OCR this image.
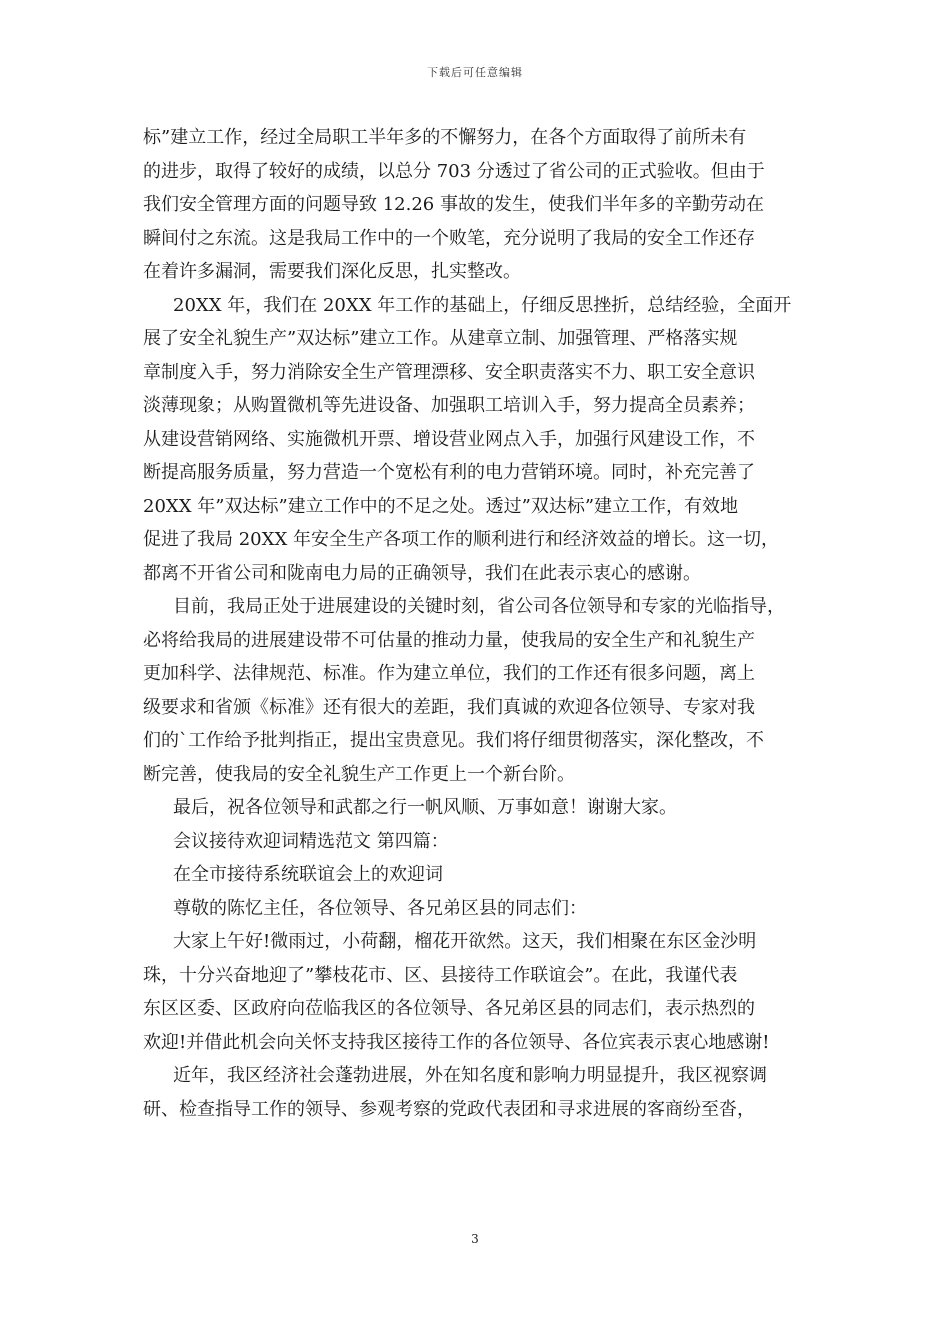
下载后可任意编辑
标”建立工作，经过全局职工半年多的不懈努力，在各个方面取得了前所未有
的进步，取得了较好的成绩，以总分 703 分透过了省公司的正式验收。但由于
我们安全管理方面的问题导致 12.26 事故的发生，使我们半年多的辛勤劳动在
瞬间付之东流。这是我局工作中的一个败笔，充分说明了我局的安全工作还存
在着许多漏洞，需要我们深化反思，扎实整改。
20XX 年，我们在 20XX 年工作的基础上，仔细反思挫折，总结经验，全面开
展了安全礼貌生产”双达标”建立工作。从建章立制、加强管理、严格落实规
章制度入手，努力消除安全生产管理漂移、安全职责落实不力、职工安全意识
淡薄现象；从购置微机等先进设备、加强职工培训入手，努力提高全员素养；
从建设营销网络、实施微机开票、增设营业网点入手，加强行风建设工作，不
断提高服务质量，努力营造一个宽松有利的电力营销环境。同时，补充完善了
20XX 年”双达标”建立工作中的不足之处。透过”双达标”建立工作，有效地
促进了我局 20XX 年安全生产各项工作的顺利进行和经济效益的增长。这一切，
都离不开省公司和陇南电力局的正确领导，我们在此表示衷心的感谢。
目前，我局正处于进展建设的关键时刻，省公司各位领导和专家的光临指导，
必将给我局的进展建设带不可估量的推动力量，使我局的安全生产和礼貌生产
更加科学、法律规范、标准。作为建立单位，我们的工作还有很多问题，离上
级要求和省颁《标准》还有很大的差距，我们真诚的欢迎各位领导、专家对我
们的`工作给予批判指正，提出宝贵意见。我们将仔细贯彻落实，深化整改，不
断完善，使我局的安全礼貌生产工作更上一个新台阶。
最后，祝各位领导和武都之行一帆风顺、万事如意！谢谢大家。
会议接待欢迎词精选范文 第四篇：
在全市接待系统联谊会上的欢迎词
尊敬的陈忆主任，各位领导、各兄弟区县的同志们：
大家上午好!微雨过，小荷翻，榴花开欲然。这天，我们相聚在东区金沙明
珠，十分兴奋地迎了”攀枝花市、区、县接待工作联谊会”。在此，我谨代表
东区区委、区政府向莅临我区的各位领导、各兄弟区县的同志们，表示热烈的
欢迎!并借此机会向关怀支持我区接待工作的各位领导、各位宾表示衷心地感谢!
近年，我区经济社会蓬勃进展，外在知名度和影响力明显提升，我区视察调
研、检查指导工作的领导、参观考察的党政代表团和寻求进展的客商纷至沓，
3
